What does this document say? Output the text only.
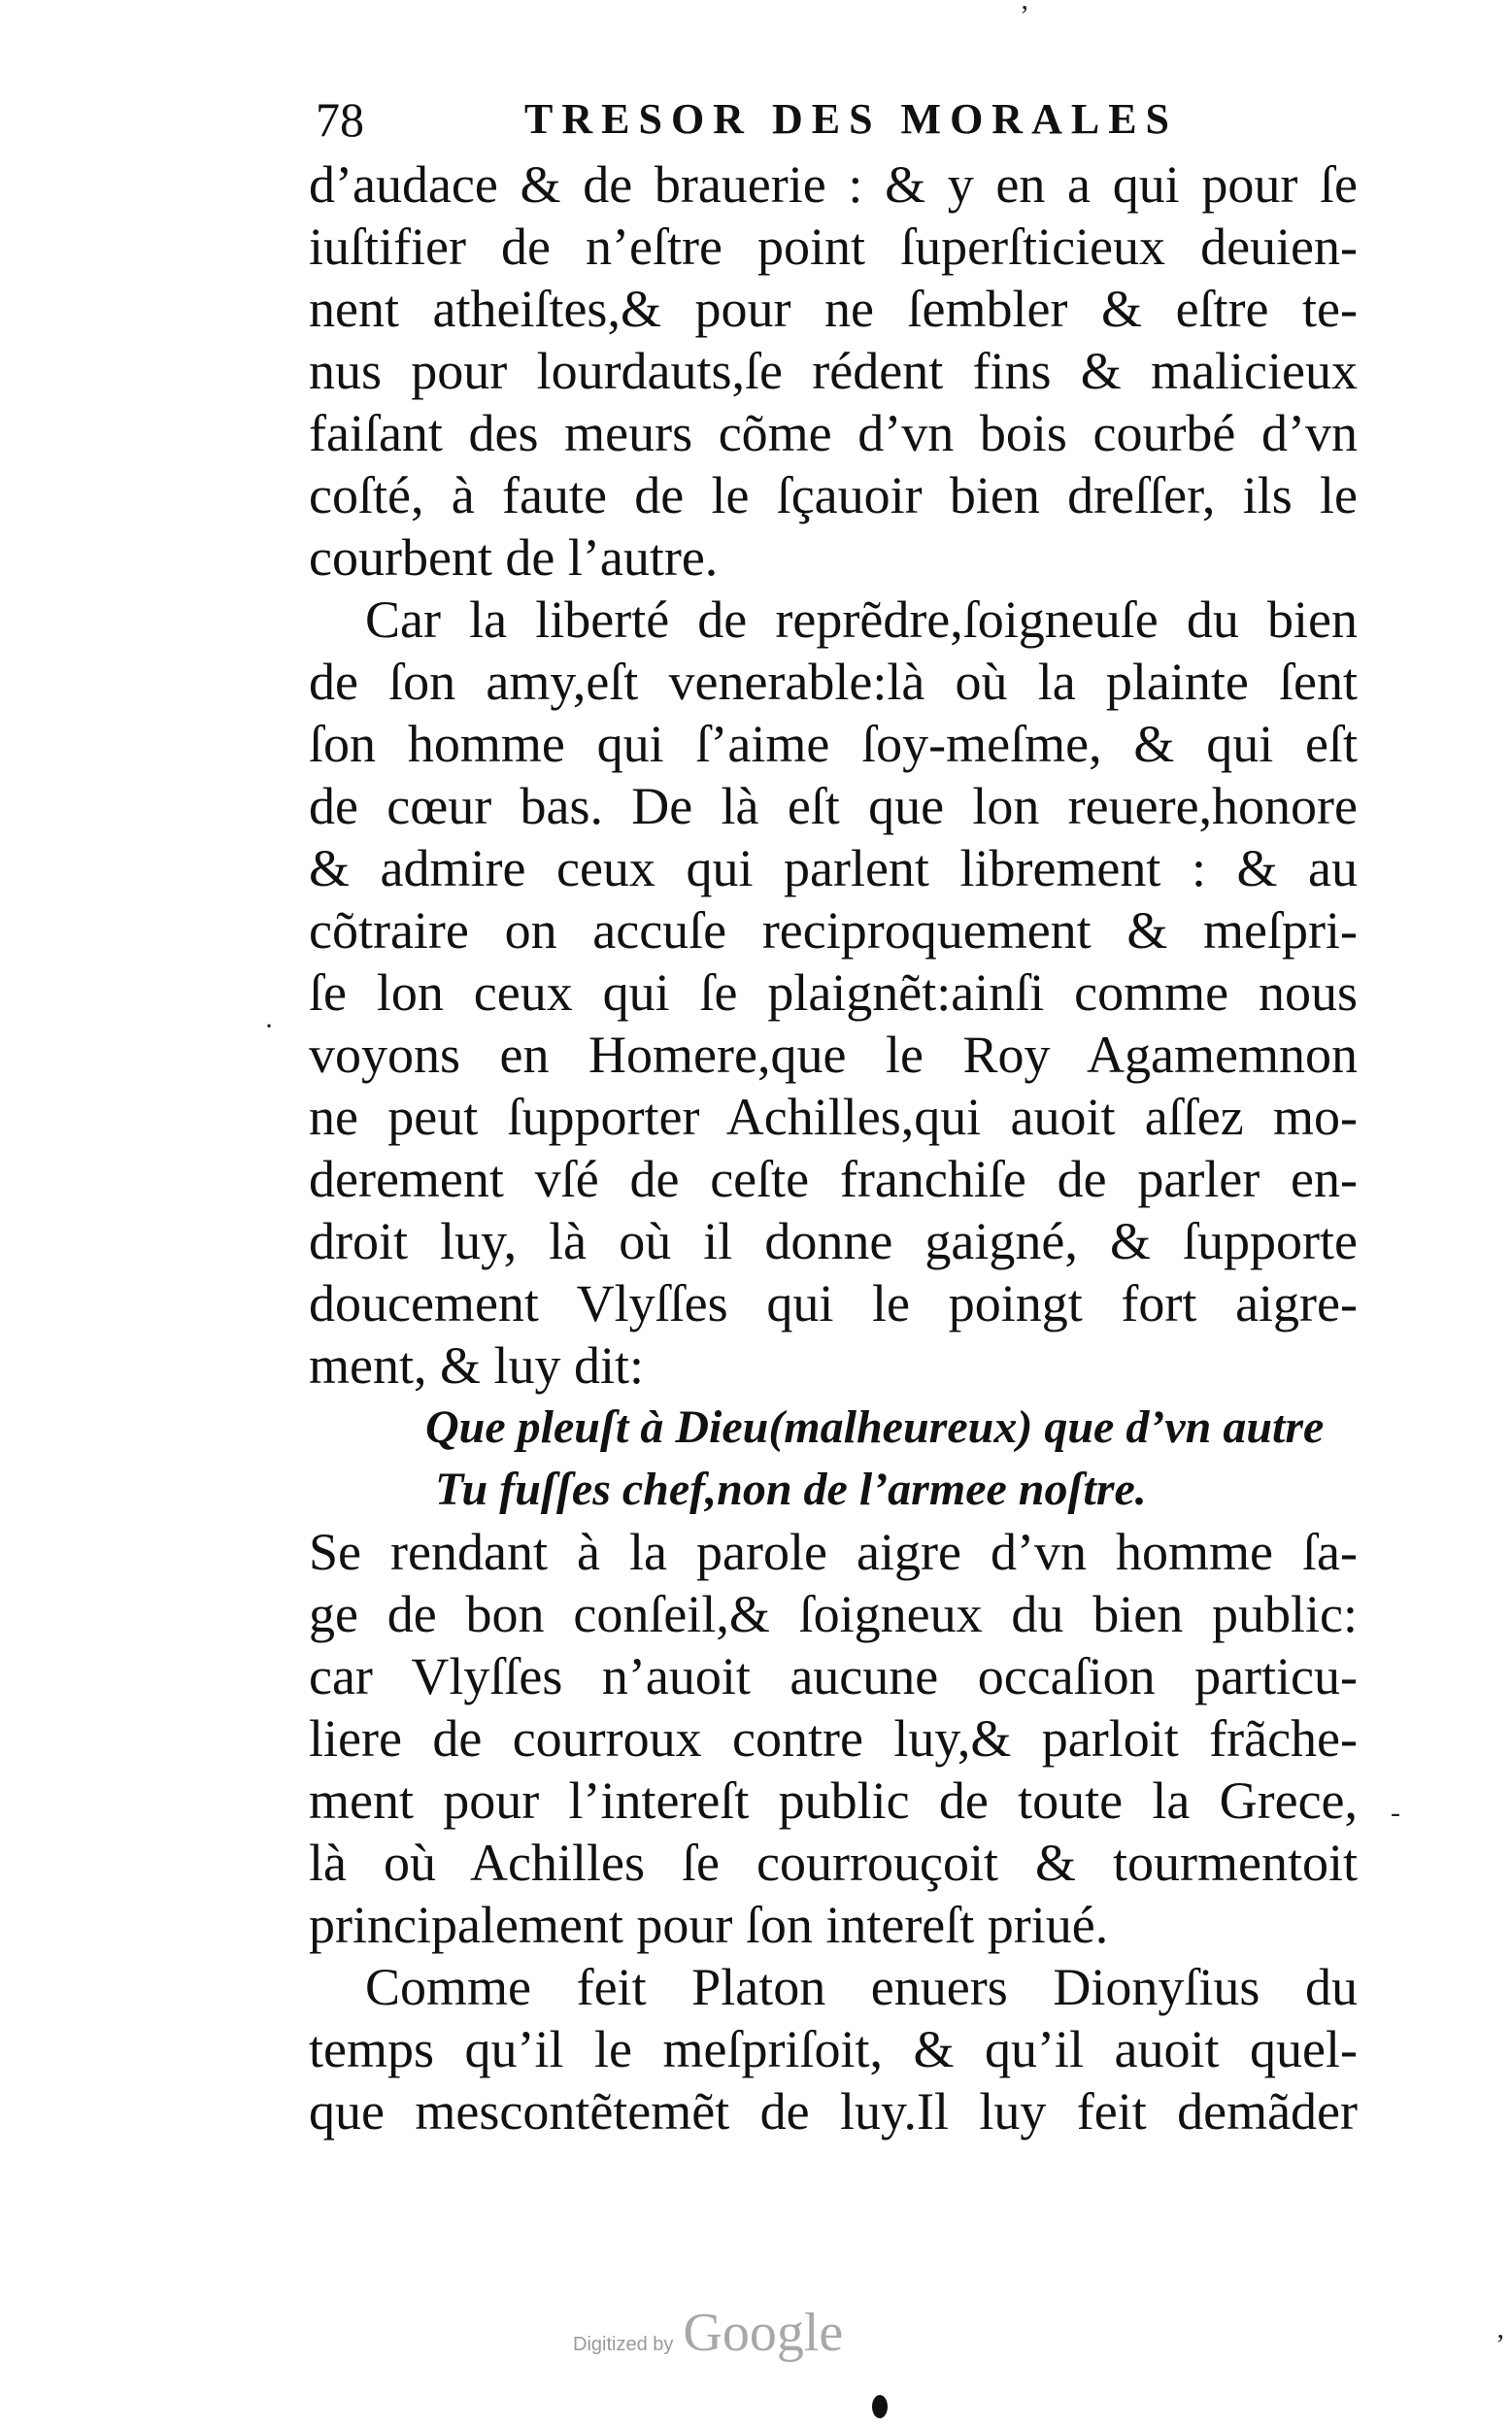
78	TRESOR DES MORALES
d’audace & de brauerie : & y en a qui pour ſe
iuſtifier de n’eſtre point ſuperſticieux deuien-
nent atheiſtes,& pour ne ſembler & eſtre te-
nus pour lourdauts,ſe rédent fins & malicieux
faiſant des meurs cõme d’vn bois courbé d’vn
coſté, à faute de le ſçauoir bien dreſſer, ils le
courbent de l’autre.
Car la liberté de reprẽdre,ſoigneuſe du bien
de ſon amy,eſt venerable:là où la plainte ſent
ſon homme qui ſ’aime ſoy-meſme, & qui eſt
de cœur bas. De là eſt que lon reuere,honore
& admire ceux qui parlent librement : & au
cõtraire on accuſe reciproquement & meſpri-
ſe lon ceux qui ſe plaignẽt:ainſi comme nous
voyons en Homere,que le Roy Agamemnon
ne peut ſupporter Achilles,qui auoit aſſez mo-
derement vſé de ceſte franchiſe de parler en-
droit luy, là où il donne gaigné, & ſupporte
doucement Vlyſſes qui le poingt fort aigre-
ment, & luy dit:
Que pleuſt à Dieu(malheureux) que d’vn autre
Tu fuſſes chef,non de l’armee noſtre.
Se rendant à la parole aigre d’vn homme ſa-
ge de bon conſeil,& ſoigneux du bien public:
car Vlyſſes n’auoit aucune occaſion particu-
liere de courroux contre luy,& parloit frãche-
ment pour l’intereſt public de toute la Grece,
là où Achilles ſe courrouçoit & tourmentoit
principalement pour ſon intereſt priué.
Comme feit Platon enuers Dionyſius du
temps qu’il le meſpriſoit, & qu’il auoit quel-
que mescontẽtemẽt de luy.Il luy feit demãder
ʼ
·
-
ʼ
Digitized by Google
